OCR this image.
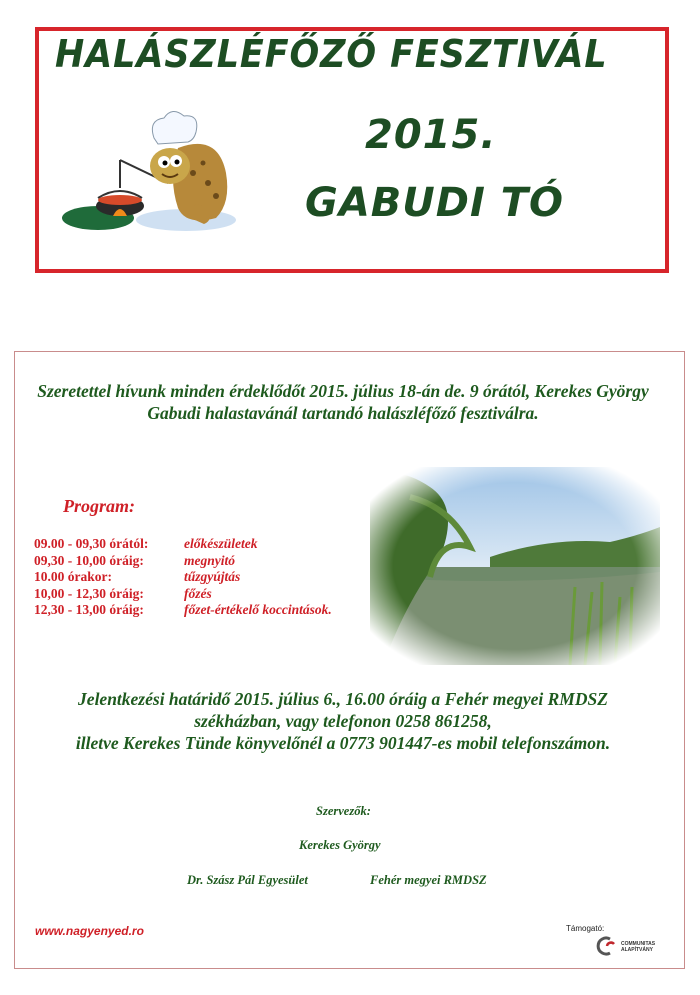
HALÁSZLÉFŐZŐ FESZTIVÁL
2015.
GABUDI TÓ
Szeretettel hívunk minden érdeklődőt 2015. július 18-án de. 9 órától, Kerekes György Gabudi halastavánál tartandó halászléfőző fesztiválra.
Program:
09.00 - 09,30 órától:	előkészületek
09,30 - 10,00 óráig:	megnyitó
10.00 órakor:	tűzgyújtás
10,00 - 12,30 óráig:	főzés
12,30 - 13,00 óráig:	főzet-értékelő koccintások.
Jelentkezési határidő 2015. július 6., 16.00 óráig a Fehér megyei RMDSZ
székházban, vagy telefonon 0258 861258,
illetve Kerekes Tünde könyvelőnél a 0773 901447-es mobil telefonszámon.
Szervezők:
Kerekes György
Dr. Szász Pál Egyesület	Fehér megyei RMDSZ
www.nagyenyed.ro	Támogató:
COMMUNITAS
ALAPÍTVÁNY
